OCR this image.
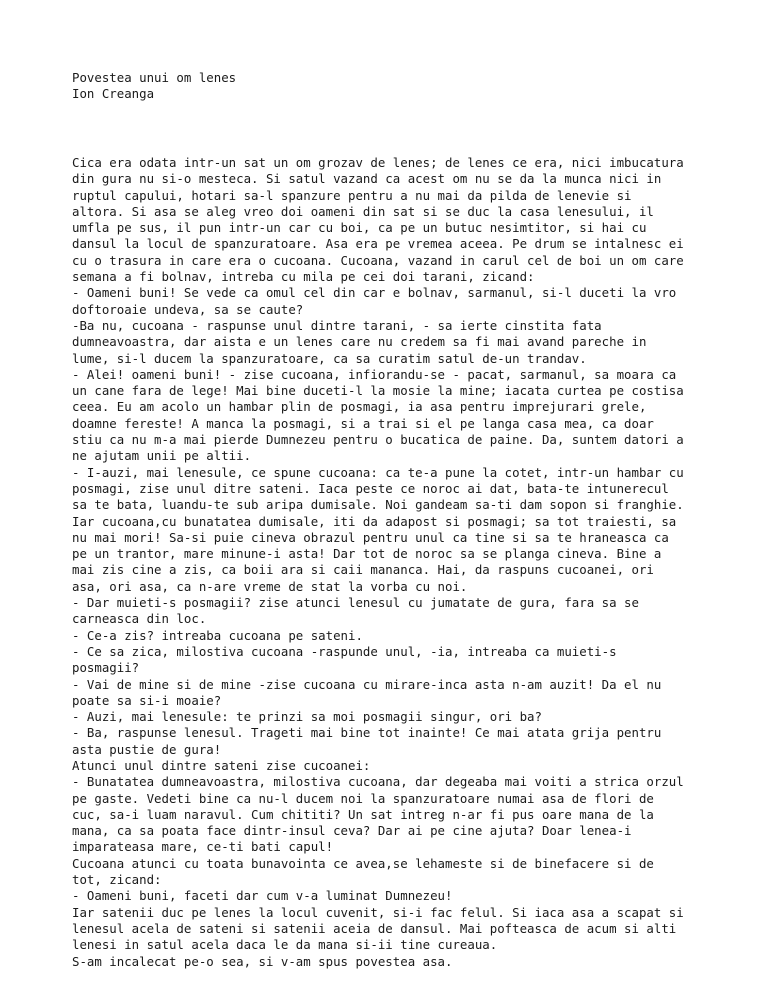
Povestea unui om lenes
Ion Creanga
Cica era odata intr-un sat un om grozav de lenes; de lenes ce era, nici imbucatura
din gura nu si-o mesteca. Si satul vazand ca acest om nu se da la munca nici in
ruptul capului, hotari sa-l spanzure pentru a nu mai da pilda de lenevie si
altora. Si asa se aleg vreo doi oameni din sat si se duc la casa lenesului, il
umfla pe sus, il pun intr-un car cu boi, ca pe un butuc nesimtitor, si hai cu
dansul la locul de spanzuratoare. Asa era pe vremea aceea. Pe drum se intalnesc ei
cu o trasura in care era o cucoana. Cucoana, vazand in carul cel de boi un om care
semana a fi bolnav, intreba cu mila pe cei doi tarani, zicand:
- Oameni buni! Se vede ca omul cel din car e bolnav, sarmanul, si-l duceti la vro
doftoroaie undeva, sa se caute?
-Ba nu, cucoana - raspunse unul dintre tarani, - sa ierte cinstita fata
dumneavoastra, dar aista e un lenes care nu credem sa fi mai avand pareche in
lume, si-l ducem la spanzuratoare, ca sa curatim satul de-un trandav.
- Alei! oameni buni! - zise cucoana, infiorandu-se - pacat, sarmanul, sa moara ca
un cane fara de lege! Mai bine duceti-l la mosie la mine; iacata curtea pe costisa
ceea. Eu am acolo un hambar plin de posmagi, ia asa pentru imprejurari grele,
doamne fereste! A manca la posmagi, si a trai si el pe langa casa mea, ca doar
stiu ca nu m-a mai pierde Dumnezeu pentru o bucatica de paine. Da, suntem datori a
ne ajutam unii pe altii.
- I-auzi, mai lenesule, ce spune cucoana: ca te-a pune la cotet, intr-un hambar cu
posmagi, zise unul ditre sateni. Iaca peste ce noroc ai dat, bata-te intunerecul
sa te bata, luandu-te sub aripa dumisale. Noi gandeam sa-ti dam sopon si franghie.
Iar cucoana,cu bunatatea dumisale, iti da adapost si posmagi; sa tot traiesti, sa
nu mai mori! Sa-si puie cineva obrazul pentru unul ca tine si sa te hraneasca ca
pe un trantor, mare minune-i asta! Dar tot de noroc sa se planga cineva. Bine a
mai zis cine a zis, ca boii ara si caii mananca. Hai, da raspuns cucoanei, ori
asa, ori asa, ca n-are vreme de stat la vorba cu noi.
- Dar muieti-s posmagii? zise atunci lenesul cu jumatate de gura, fara sa se
carneasca din loc.
- Ce-a zis? intreaba cucoana pe sateni.
- Ce sa zica, milostiva cucoana -raspunde unul, -ia, intreaba ca muieti-s
posmagii?
- Vai de mine si de mine -zise cucoana cu mirare-inca asta n-am auzit! Da el nu
poate sa si-i moaie?
- Auzi, mai lenesule: te prinzi sa moi posmagii singur, ori ba?
- Ba, raspunse lenesul. Trageti mai bine tot inainte! Ce mai atata grija pentru
asta pustie de gura!
Atunci unul dintre sateni zise cucoanei:
- Bunatatea dumneavoastra, milostiva cucoana, dar degeaba mai voiti a strica orzul
pe gaste. Vedeti bine ca nu-l ducem noi la spanzuratoare numai asa de flori de
cuc, sa-i luam naravul. Cum chititi? Un sat intreg n-ar fi pus oare mana de la
mana, ca sa poata face dintr-insul ceva? Dar ai pe cine ajuta? Doar lenea-i
imparateasa mare, ce-ti bati capul!
Cucoana atunci cu toata bunavointa ce avea,se lehameste si de binefacere si de
tot, zicand:
- Oameni buni, faceti dar cum v-a luminat Dumnezeu!
Iar satenii duc pe lenes la locul cuvenit, si-i fac felul. Si iaca asa a scapat si
lenesul acela de sateni si satenii aceia de dansul. Mai pofteasca de acum si alti
lenesi in satul acela daca le da mana si-ii tine cureaua.
S-am incalecat pe-o sea, si v-am spus povestea asa.
